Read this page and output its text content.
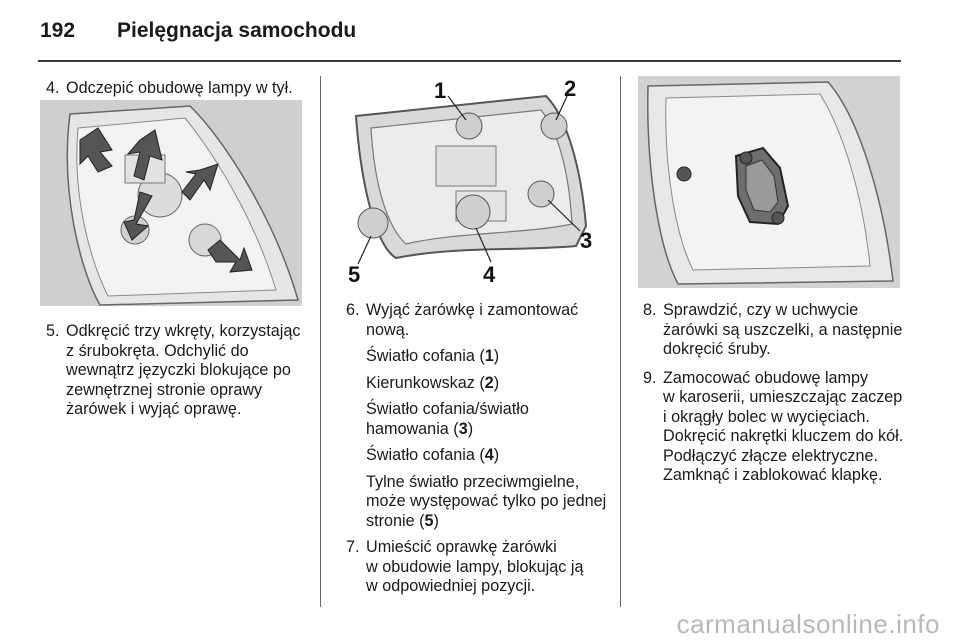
192 Pielęgnacja samochodu

4. Odczepić obudowę lampy w tył.

5. Odkręcić trzy wkręty, korzystając
z śrubokręta. Odchylić do
wewnątrz języczki blokujące po
zewnętrznej stronie oprawy
żarówek i wyjąć oprawę.

1	2
3
4
5

6. Wyjąć żarówkę i zamontować
nową.

Światło cofania (1)

Kierunkowskaz (2)

Światło cofania/światło
hamowania (3)

Światło cofania (4)

Tylne światło przeciwmgielne,
może występować tylko po jednej
stronie (5)

7. Umieścić oprawkę żarówki
w obudowie lampy, blokując ją
w odpowiedniej pozycji.

8. Sprawdzić, czy w uchwycie
żarówki są uszczelki, a następnie
dokręcić śruby.

9. Zamocować obudowę lampy
w karoserii, umieszczając zaczep
i okrągły bolec w wycięciach.
Dokręcić nakrętki kluczem do kół.
Podłączyć złącze elektryczne.
Zamknąć i zablokować klapkę.

carmanualsonline.info
